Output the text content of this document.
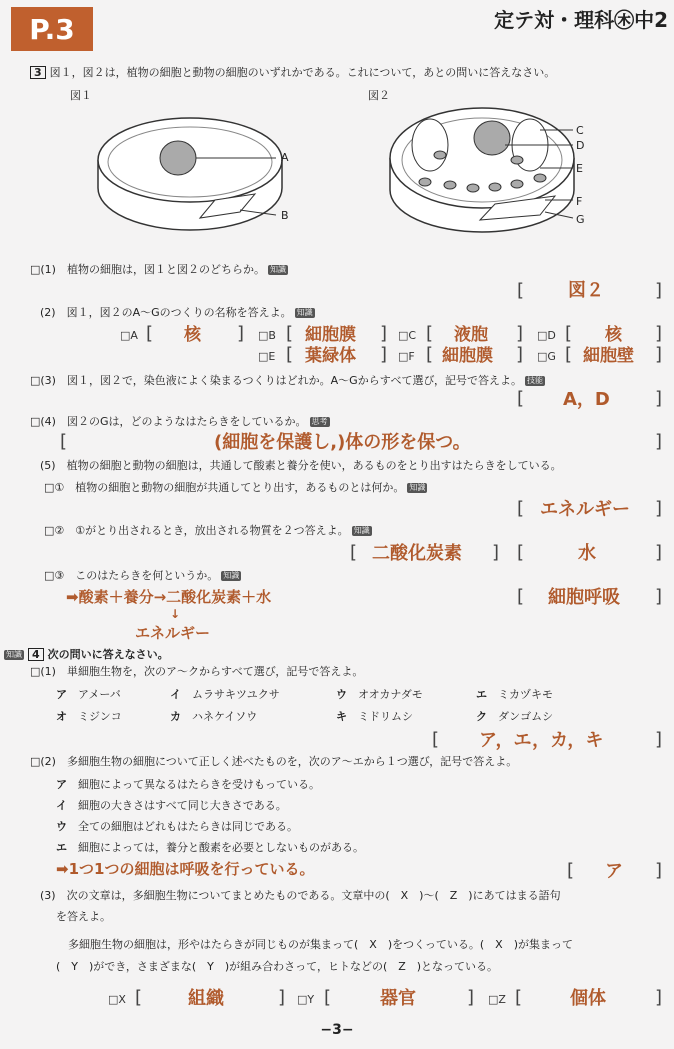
P.3	定テ対・理科㊍中2
3 図１，図２は，植物の細胞と動物の細胞のいずれかである。これについて，あとの問いに答えなさい。
図１	図２
A
B
C
D
E
F
G
□(1)　植物の細胞は，図１と図２のどちらか。 知識
[ 図２	]
(2)　図１，図２のA～Gのつくりの名称を答えよ。 知識
□A [ 核 ] □B [ 細胞膜 ] □C [ 液胞 ] □D [ 核 ]
□E [ 葉緑体 ] □F [ 細胞膜 ] □G [ 細胞壁 ]
□(3)　図１，図２で，染色液によく染まるつくりはどれか。A～Gからすべて選び，記号で答えよ。 技能
[ A，D	]
□(4)　図２のGは，どのようなはたらきをしているか。 思考
[	(細胞を保護し,)体の形を保つ。	]
(5)　植物の細胞と動物の細胞は，共通して酸素と養分を使い，あるものをとり出すはたらきをしている。
□①　植物の細胞と動物の細胞が共通してとり出す，あるものとは何か。 知識
[ エネルギー ]
□②　①がとり出されるとき，放出される物質を２つ答えよ。 知識
[ 二酸化炭素 ] [	水	]
□③　このはたらきを何というか。 知識
➡酸素＋養分→二酸化炭素＋水
↓
エネルギー
[ 細胞呼吸 ]
知識 4 次の問いに答えなさい。
□(1)　単細胞生物を，次のア～クからすべて選び，記号で答えよ。
ア　 アメーバ	イ　 ムラサキツユクサ	ウ　 オオカナダモ	エ　 ミカヅキモ
オ　 ミジンコ	カ　 ハネケイソウ	キ　 ミドリムシ	ク　 ダンゴムシ
[ ア，エ，カ，キ	]
□(2)　多細胞生物の細胞について正しく述べたものを，次のア～エから１つ選び，記号で答えよ。
ア　 細胞によって異なるはたらきを受けもっている。
イ　 細胞の大きさはすべて同じ大きさである。
ウ　 全ての細胞はどれもはたらきは同じである。
エ　 細胞によっては，養分と酸素を必要としないものがある。
➡1つ1つの細胞は呼吸を行っている。	[ ア ]
(3)　次の文章は，多細胞生物についてまとめたものである。文章中の(　X　)～(　Z　)にあてはまる語句
を答えよ。
多細胞生物の細胞は，形やはたらきが同じものが集まって(　X　)をつくっている。(　X　)が集まって
(　Y　)ができ，さまざまな(　Y　)が組み合わさって，ヒトなどの(　Z　)となっている。
□X [	組織	] □Y [	器官	] □Z [	個体	]
−3−
